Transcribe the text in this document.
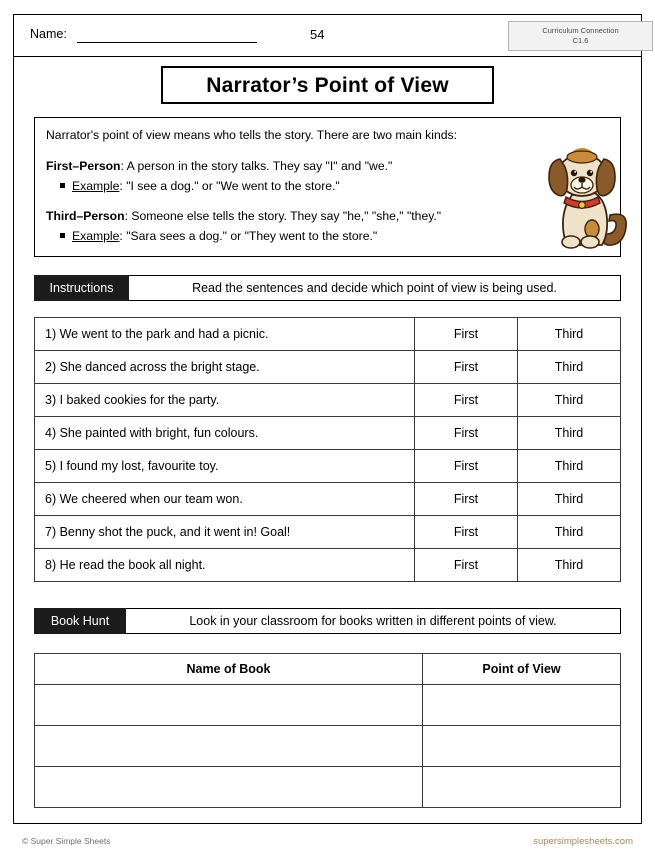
Name:	54	Curriculum Connection
C1.6
Narrator’s Point of View
Narrator's point of view means who tells the story. There are two main kinds:
First–Person: A person in the story talks. They say "I" and "we."
Example: "I see a dog." or "We went to the store."
Third–Person: Someone else tells the story. They say "he," "she," "they."
Example: "Sara sees a dog." or "They went to the store."
Instructions	Read the sentences and decide which point of view is being used.
1) We went to the park and had a picnic.	First	Third
2) She danced across the bright stage.	First	Third
3) I baked cookies for the party.	First	Third
4) She painted with bright, fun colours.	First	Third
5) I found my lost, favourite toy.	First	Third
6) We cheered when our team won.	First	Third
7) Benny shot the puck, and it went in! Goal!	First	Third
8) He read the book all night.	First	Third
Book Hunt	Look in your classroom for books written in different points of view.
Name of Book	Point of View

© Super Simple Sheets	supersimplesheets.com
